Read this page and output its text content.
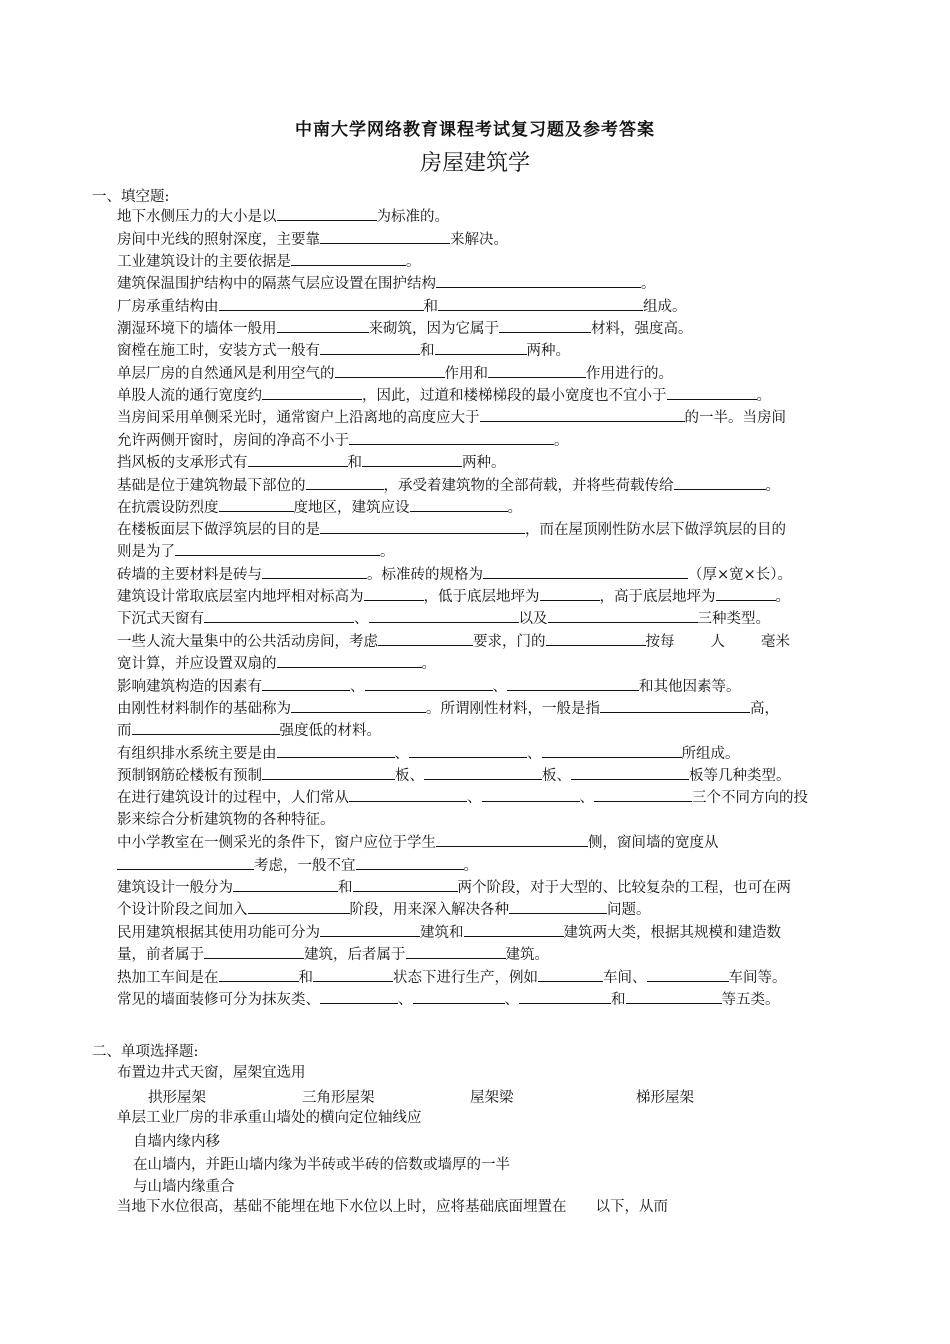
中南大学网络教育课程考试复习题及参考答案
房屋建筑学
一、填空题:
地下水侧压力的大小是以	为标准的。
房间中光线的照射深度，主要靠	来解决。
工业建筑设计的主要依据是	。
建筑保温围护结构中的隔蒸气层应设置在围护结构	。
厂房承重结构由	和	组成。
潮湿环境下的墙体一般用	来砌筑，因为它属于	材料，强度高。
窗樘在施工时，安装方式一般有	和	两种。
单层厂房的自然通风是利用空气的	作用和	作用进行的。
单股人流的通行宽度约	，因此，过道和楼梯梯段的最小宽度也不宜小于	。
当房间采用单侧采光时，通常窗户上沿离地的高度应大于	的一半。当房间
允许两侧开窗时，房间的净高不小于	。
挡风板的支承形式有	和	两种。
基础是位于建筑物最下部位的	，承受着建筑物的全部荷载，并将些荷载传给	。
在抗震设防烈度	度地区，建筑应设	。
在楼板面层下做浮筑层的目的是	，而在屋顶刚性防水层下做浮筑层的目的
则是为了	。
砖墙的主要材料是砖与	。标准砖的规格为	（厚×宽×长）。
建筑设计常取底层室内地坪相对标高为	，低于底层地坪为	，高于底层地坪为	。
下沉式天窗有	、	以及	三种类型。
一些人流大量集中的公共活动房间，考虑	要求，门的	按每 人 毫米
宽计算，并应设置双扇的	。
影响建筑构造的因素有	、	、	和其他因素等。
由刚性材料制作的基础称为	。所谓刚性材料，一般是指	高，
而	强度低的材料。
有组织排水系统主要是由	、	、	所组成。
预制钢筋砼楼板有预制	板、	板、	板等几种类型。
在进行建筑设计的过程中，人们常从	、	、	三个不同方向的投
影来综合分析建筑物的各种特征。
中小学教室在一侧采光的条件下，窗户应位于学生	侧，窗间墙的宽度从
考虑，一般不宜	。
建筑设计一般分为	和	两个阶段，对于大型的、比较复杂的工程，也可在两
个设计阶段之间加入	阶段，用来深入解决各种	问题。
民用建筑根据其使用功能可分为	建筑和	建筑两大类，根据其规模和建造数
量，前者属于	建筑，后者属于	建筑。
热加工车间是在	和	状态下进行生产，例如	车间、	车间等。
常见的墙面装修可分为抹灰类、	、	、	和	等五类。
二、单项选择题:
布置边井式天窗，屋架宜选用
拱形屋架	三角形屋架	屋架梁	梯形屋架
单层工业厂房的非承重山墙处的横向定位轴线应
自墙内缘内移
在山墙内，并距山墙内缘为半砖或半砖的倍数或墙厚的一半
与山墙内缘重合
当地下水位很高，基础不能埋在地下水位以上时，应将基础底面埋置在　　以下，从而
